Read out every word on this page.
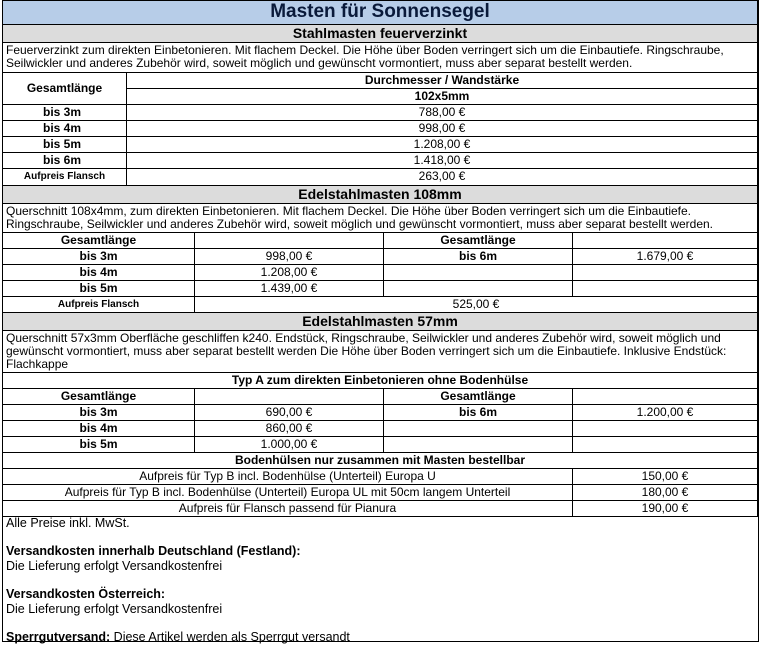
Masten für Sonnensegel
Stahlmasten feuerverzinkt
Feuerverzinkt zum direkten Einbetonieren. Mit flachem Deckel. Die Höhe über Boden verringert sich um die Einbautiefe. Ringschraube, Seilwickler und anderes Zubehör wird, soweit möglich und gewünscht vormontiert, muss aber separat bestellt werden.
Gesamtlänge
Durchmesser / Wandstärke
102x5mm
bis 3m	788,00 €
bis 4m	998,00 €
bis 5m	1.208,00 €
bis 6m	1.418,00 €
Aufpreis Flansch	263,00 €
Edelstahlmasten 108mm
Querschnitt 108x4mm, zum direkten Einbetonieren. Mit flachem Deckel. Die Höhe über Boden verringert sich um die Einbautiefe. Ringschraube, Seilwickler und anderes Zubehör wird, soweit möglich und gewünscht vormontiert, muss aber separat bestellt werden.
Gesamtlänge	Gesamtlänge
bis 3m	998,00 €	bis 6m	1.679,00 €
bis 4m	1.208,00 €
bis 5m	1.439,00 €
Aufpreis Flansch	525,00 €
Edelstahlmasten 57mm
Querschnitt 57x3mm Oberfläche geschliffen k240. Endstück, Ringschraube, Seilwickler und anderes Zubehör wird, soweit möglich und gewünscht vormontiert, muss aber separat bestellt werden Die Höhe über Boden verringert sich um die Einbautiefe. Inklusive Endstück: Flachkappe
Typ A zum direkten Einbetonieren ohne Bodenhülse
Gesamtlänge	Gesamtlänge
bis 3m	690,00 €	bis 6m	1.200,00 €
bis 4m	860,00 €
bis 5m	1.000,00 €
Bodenhülsen nur zusammen mit Masten bestellbar
Aufpreis für Typ B incl. Bodenhülse (Unterteil) Europa U	150,00 €
Aufpreis für Typ B incl. Bodenhülse (Unterteil) Europa UL mit 50cm langem Unterteil	180,00 €
Aufpreis für Flansch passend für Pianura	190,00 €

Alle Preise inkl. MwSt.

Versandkosten innerhalb Deutschland (Festland):

Die Lieferung erfolgt Versandkostenfrei

Versandkosten Österreich:

Die Lieferung erfolgt Versandkostenfrei

Sperrgutversand: Diese Artikel werden als Sperrgut versandt
